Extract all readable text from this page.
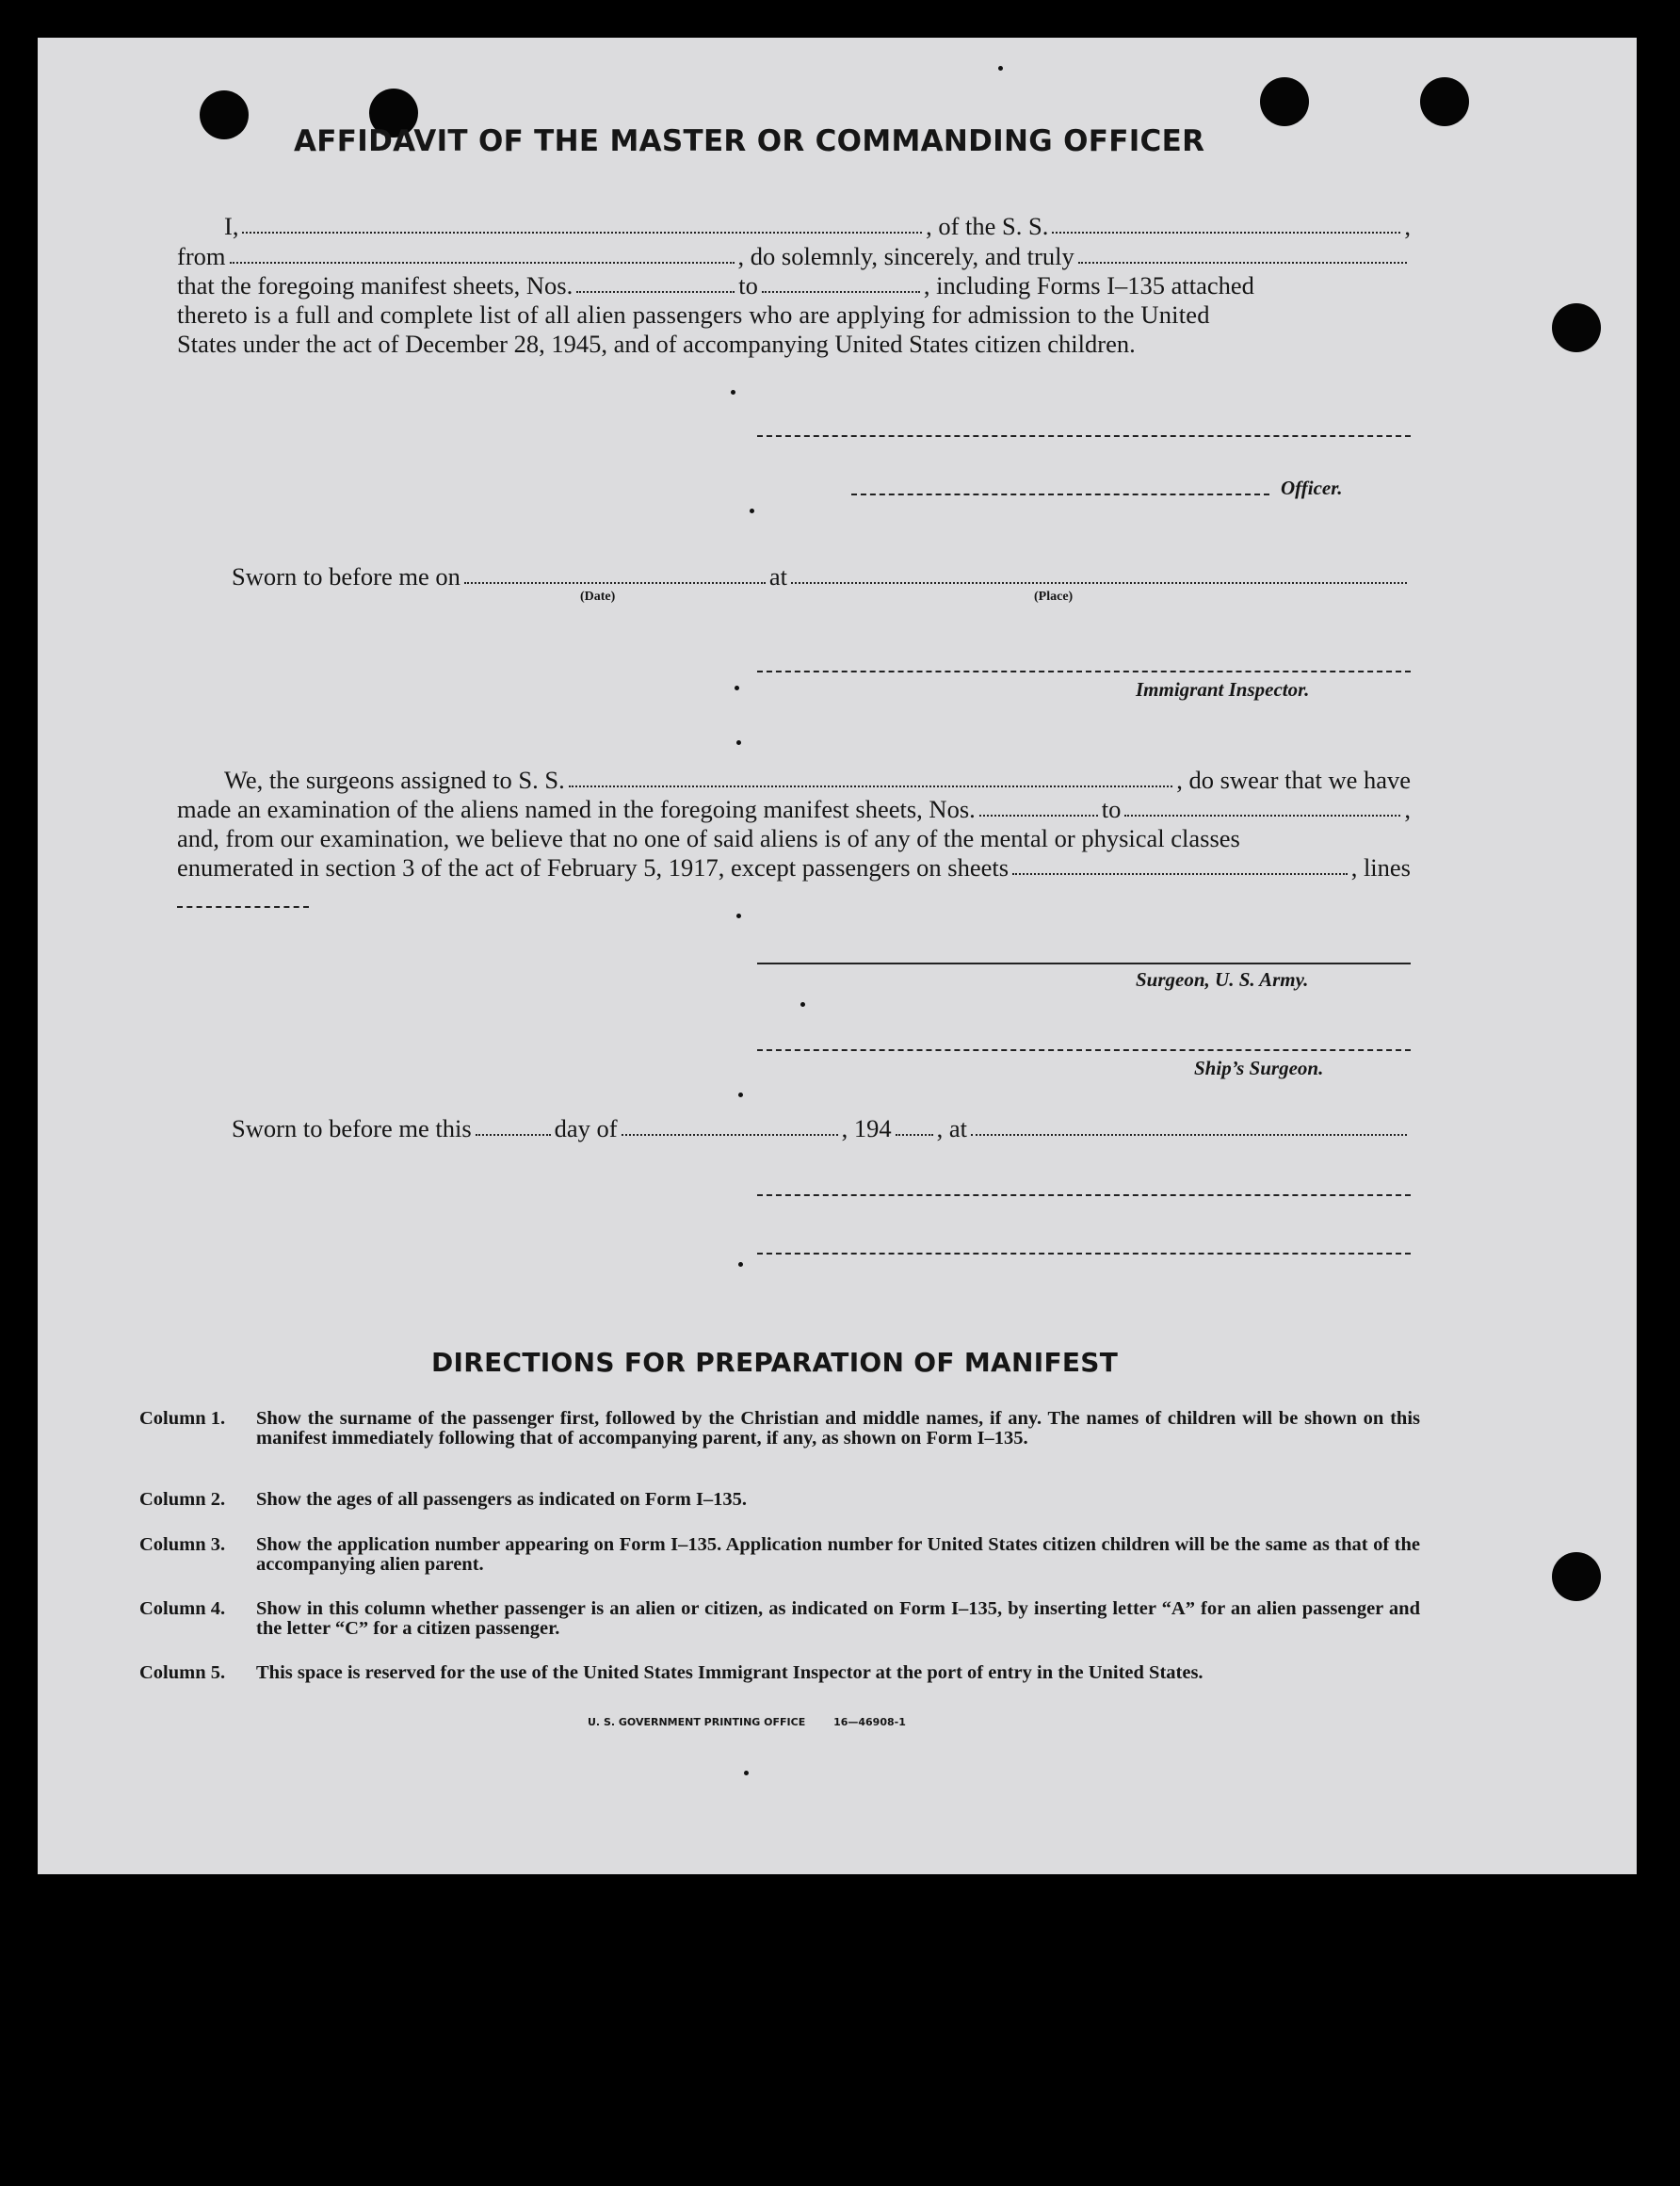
AFFIDAVIT OF THE MASTER OR COMMANDING OFFICER
I,	, of the S. S.	,
from	, do solemnly, sincerely, and truly
that the foregoing manifest sheets, Nos.	to	, including Forms I–135 attached
thereto is a full and complete list of all alien passengers who are applying for admission to the United
States under the act of December 28, 1945, and of accompanying United States citizen children.
Officer.
Sworn to before me on	at
(Date)	(Place)
Immigrant Inspector.
We, the surgeons assigned to S. S.	, do swear that we have
made an examination of the aliens named in the foregoing manifest sheets, Nos.	to	,
and, from our examination, we believe that no one of said aliens is of any of the mental or physical classes
enumerated in section 3 of the act of February 5, 1917, except passengers on sheets	, lines
Surgeon, U. S. Army.
Ship’s Surgeon.
Sworn to before me this	day of	, 194 , at
DIRECTIONS FOR PREPARATION OF MANIFEST
Column 1.	Show the surname of the passenger first, followed by the Christian and middle names, if any. The names of children will be shown on this manifest immediately following that of accompanying parent, if any, as shown on Form I–135.
Column 2.	Show the ages of all passengers as indicated on Form I–135.
Column 3.	Show the application number appearing on Form I–135. Application number for United States citizen children will be the same as that of the accompanying alien parent.
Column 4.	Show in this column whether passenger is an alien or citizen, as indicated on Form I–135, by inserting letter “A” for an alien passenger and the letter “C” for a citizen passenger.
Column 5.	This space is reserved for the use of the United States Immigrant Inspector at the port of entry in the United States.
U. S. GOVERNMENT PRINTING OFFICE	16—46908-1
